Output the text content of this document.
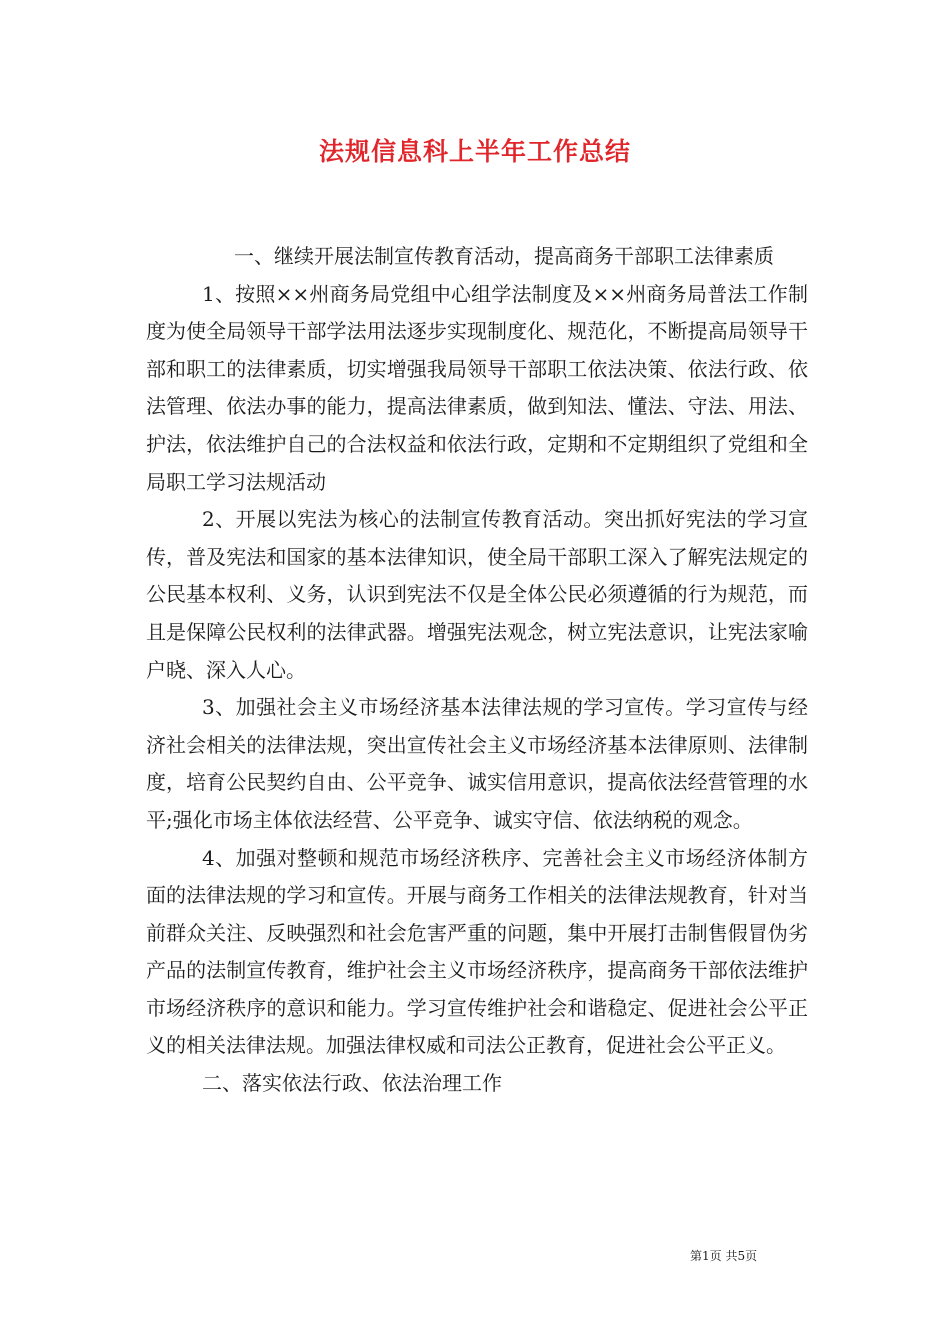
法规信息科上半年工作总结

一、继续开展法制宣传教育活动，提高商务干部职工法律素质

1、按照××州商务局党组中心组学法制度及××州商务局普法工作制度为使全局领导干部学法用法逐步实现制度化、规范化，不断提高局领导干部和职工的法律素质，切实增强我局领导干部职工依法决策、依法行政、依法管理、依法办事的能力，提高法律素质，做到知法、懂法、守法、用法、护法，依法维护自己的合法权益和依法行政，定期和不定期组织了党组和全局职工学习法规活动

2、开展以宪法为核心的法制宣传教育活动。突出抓好宪法的学习宣传，普及宪法和国家的基本法律知识，使全局干部职工深入了解宪法规定的公民基本权利、义务，认识到宪法不仅是全体公民必须遵循的行为规范，而且是保障公民权利的法律武器。增强宪法观念，树立宪法意识，让宪法家喻户晓、深入人心。

3、加强社会主义市场经济基本法律法规的学习宣传。学习宣传与经济社会相关的法律法规，突出宣传社会主义市场经济基本法律原则、法律制度，培育公民契约自由、公平竞争、诚实信用意识，提高依法经营管理的水平;强化市场主体依法经营、公平竞争、诚实守信、依法纳税的观念。

4、加强对整顿和规范市场经济秩序、完善社会主义市场经济体制方面的法律法规的学习和宣传。开展与商务工作相关的法律法规教育，针对当前群众关注、反映强烈和社会危害严重的问题，集中开展打击制售假冒伪劣产品的法制宣传教育，维护社会主义市场经济秩序，提高商务干部依法维护市场经济秩序的意识和能力。学习宣传维护社会和谐稳定、促进社会公平正义的相关法律法规。加强法律权威和司法公正教育，促进社会公平正义。

二、落实依法行政、依法治理工作

第1页 共5页
